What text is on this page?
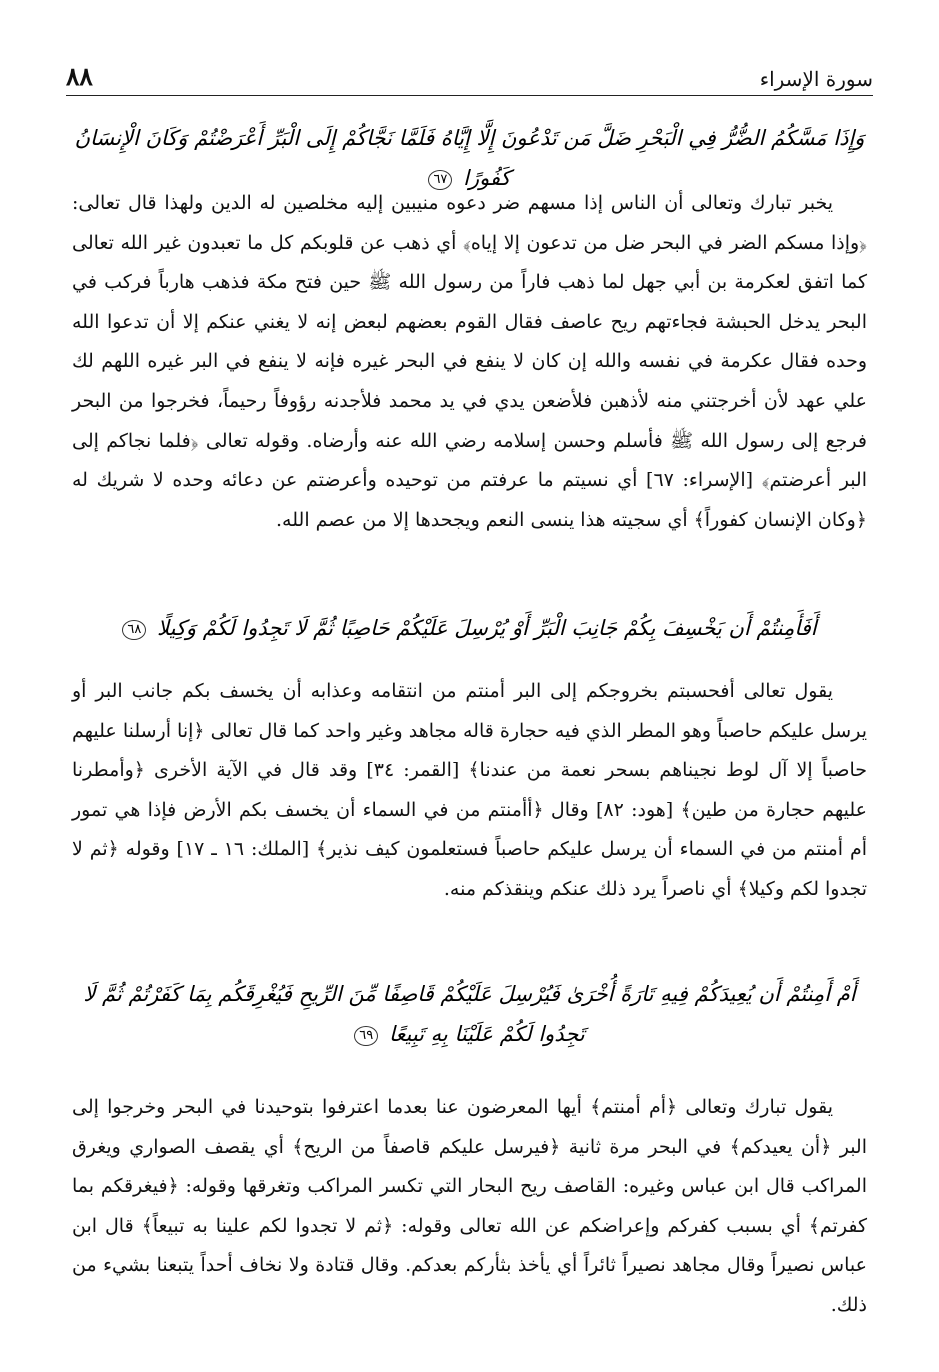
سورة الإسراء
٨٨
وَإِذَا مَسَّكُمُ الضُّرُّ فِي الْبَحْرِ ضَلَّ مَن تَدْعُونَ إِلَّا إِيَّاهُ فَلَمَّا نَجَّاكُمْ إِلَى الْبَرِّ أَعْرَضْتُمْ وَكَانَ الْإِنسَانُ كَفُورًا ٦٧

يخبر تبارك وتعالى أن الناس إذا مسهم ضر دعوه منيبين إليه مخلصين له الدين ولهذا قال تعالى: ﴿وإذا مسكم الضر في البحر ضل من تدعون إلا إياه﴾ أي ذهب عن قلوبكم كل ما تعبدون غير الله تعالى كما اتفق لعكرمة بن أبي جهل لما ذهب فاراً من رسول الله ﷺ حين فتح مكة فذهب هارباً فركب في البحر يدخل الحبشة فجاءتهم ريح عاصف فقال القوم بعضهم لبعض إنه لا يغني عنكم إلا أن تدعوا الله وحده فقال عكرمة في نفسه والله إن كان لا ينفع في البحر غيره فإنه لا ينفع في البر غيره اللهم لك علي عهد لأن أخرجتني منه لأذهبن فلأضعن يدي في يد محمد فلأجدنه رؤوفاً رحيماً، فخرجوا من البحر فرجع إلى رسول الله ﷺ فأسلم وحسن إسلامه رضي الله عنه وأرضاه. وقوله تعالى ﴿فلما نجاكم إلى البر أعرضتم﴾ [الإسراء: ٦٧] أي نسيتم ما عرفتم من توحيده وأعرضتم عن دعائه وحده لا شريك له ﴿وكان الإنسان كفوراً﴾ أي سجيته هذا ينسى النعم ويجحدها إلا من عصم الله.

أَفَأَمِنتُمْ أَن يَخْسِفَ بِكُمْ جَانِبَ الْبَرِّ أَوْ يُرْسِلَ عَلَيْكُمْ حَاصِبًا ثُمَّ لَا تَجِدُوا لَكُمْ وَكِيلًا ٦٨

يقول تعالى أفحسبتم بخروجكم إلى البر أمنتم من انتقامه وعذابه أن يخسف بكم جانب البر أو يرسل عليكم حاصباً وهو المطر الذي فيه حجارة قاله مجاهد وغير واحد كما قال تعالى ﴿إنا أرسلنا عليهم حاصباً إلا آل لوط نجيناهم بسحر نعمة من عندنا﴾ [القمر: ٣٤] وقد قال في الآية الأخرى ﴿وأمطرنا عليهم حجارة من طين﴾ [هود: ٨٢] وقال ﴿أأمنتم من في السماء أن يخسف بكم الأرض فإذا هي تمور أم أمنتم من في السماء أن يرسل عليكم حاصباً فستعلمون كيف نذير﴾ [الملك: ١٦ ـ ١٧] وقوله ﴿ثم لا تجدوا لكم وكيلا﴾ أي ناصراً يرد ذلك عنكم وينقذكم منه.

أَمْ أَمِنتُمْ أَن يُعِيدَكُمْ فِيهِ تَارَةً أُخْرَىٰ فَيُرْسِلَ عَلَيْكُمْ قَاصِفًا مِّنَ الرِّيحِ فَيُغْرِقَكُم بِمَا كَفَرْتُمْ ثُمَّ لَا تَجِدُوا لَكُمْ عَلَيْنَا بِهِ تَبِيعًا ٦٩

يقول تبارك وتعالى ﴿أم أمنتم﴾ أيها المعرضون عنا بعدما اعترفوا بتوحيدنا في البحر وخرجوا إلى البر ﴿أن يعيدكم﴾ في البحر مرة ثانية ﴿فيرسل عليكم قاصفاً من الريح﴾ أي يقصف الصواري ويغرق المراكب قال ابن عباس وغيره: القاصف ريح البحار التي تكسر المراكب وتغرقها وقوله: ﴿فيغرقكم بما كفرتم﴾ أي بسبب كفركم وإعراضكم عن الله تعالى وقوله: ﴿ثم لا تجدوا لكم علينا به تبيعاً﴾ قال ابن عباس نصيراً وقال مجاهد نصيراً ثائراً أي يأخذ بثأركم بعدكم. وقال قتادة ولا نخاف أحداً يتبعنا بشيء من ذلك.
